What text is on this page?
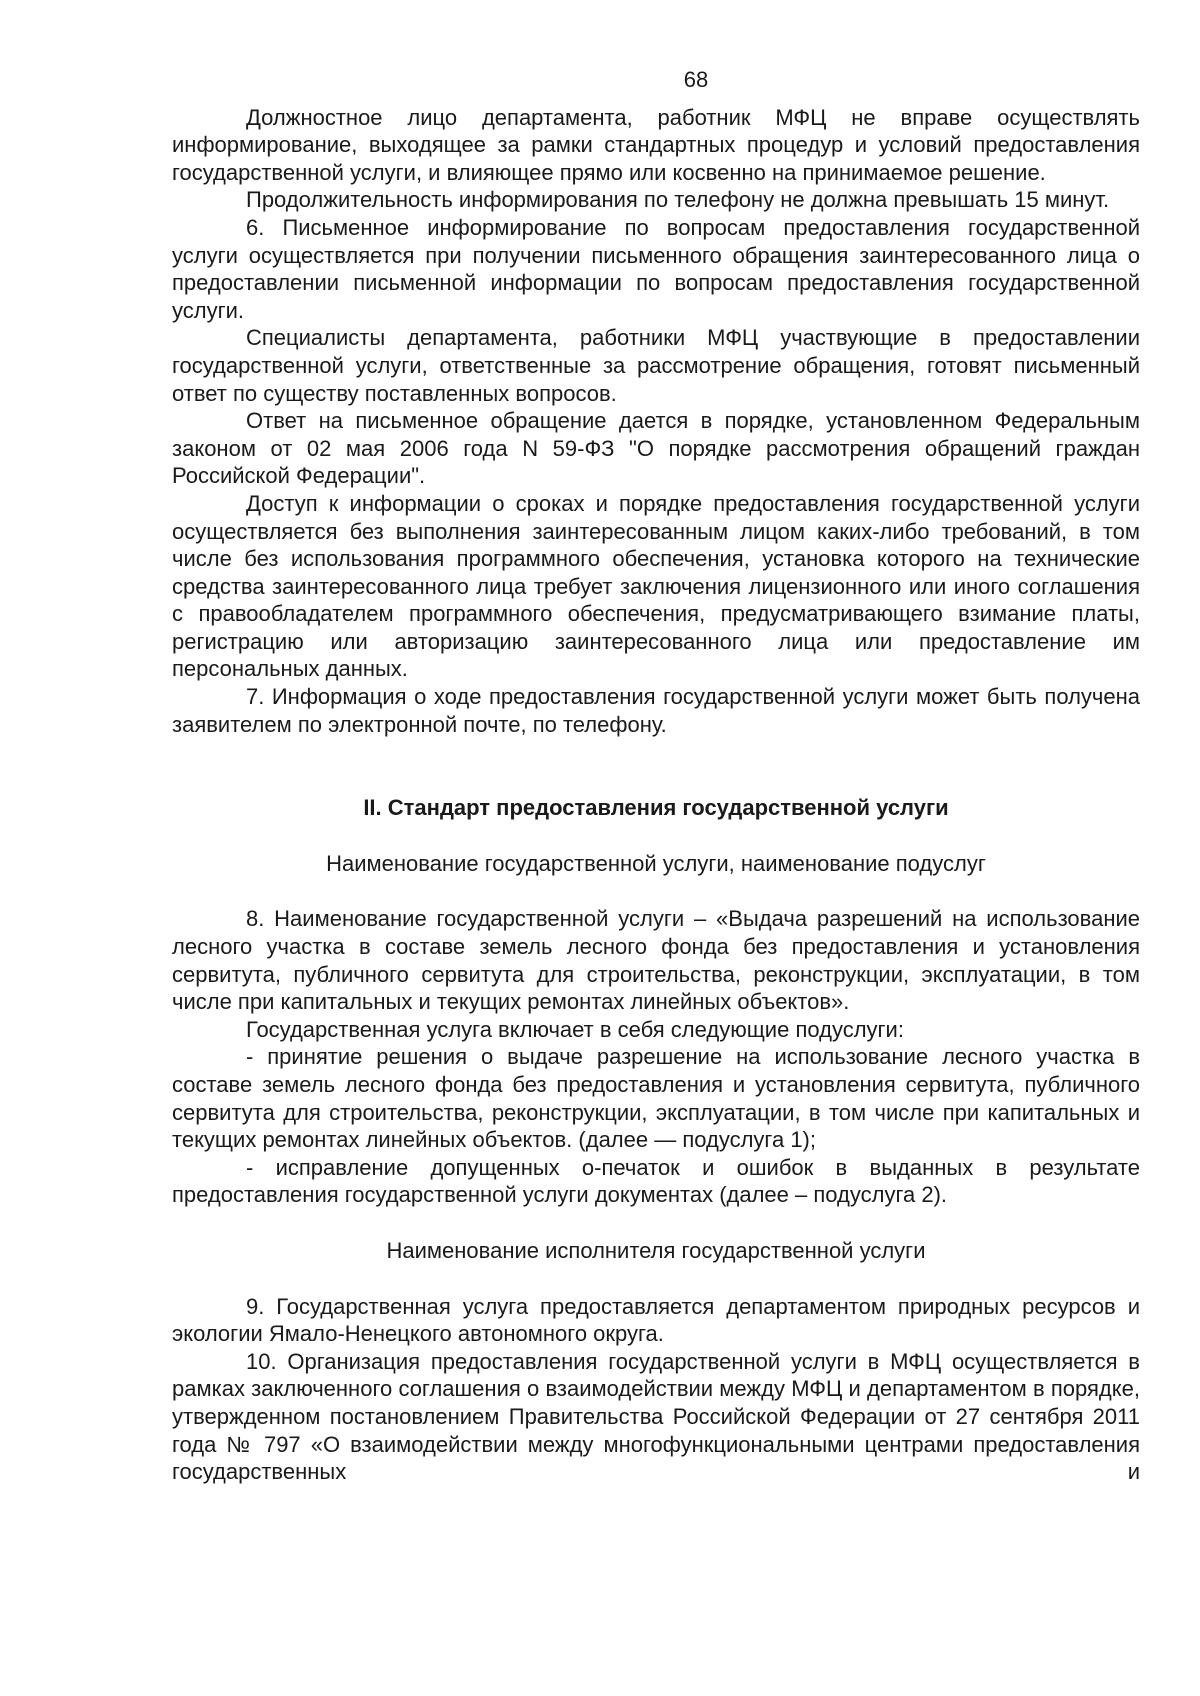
68

Должностное лицо департамента, работник МФЦ не вправе осуществлять информирование, выходящее за рамки стандартных процедур и условий предоставления государственной услуги, и влияющее прямо или косвенно на принимаемое решение.

Продолжительность информирования по телефону не должна превышать 15 минут.

6. Письменное информирование по вопросам предоставления государственной услуги осуществляется при получении письменного обращения заинтересованного лица о предоставлении письменной информации по вопросам предоставления государственной услуги.

Специалисты департамента, работники МФЦ участвующие в предоставлении государственной услуги, ответственные за рассмотрение обращения, готовят письменный ответ по существу поставленных вопросов.

Ответ на письменное обращение дается в порядке, установленном Федеральным законом от 02 мая 2006 года N 59-ФЗ "О порядке рассмотрения обращений граждан Российской Федерации".

Доступ к информации о сроках и порядке предоставления государственной услуги осуществляется без выполнения заинтересованным лицом каких-либо требований, в том числе без использования программного обеспечения, установка которого на технические средства заинтересованного лица требует заключения лицензионного или иного соглашения с правообладателем программного обеспечения, предусматривающего взимание платы, регистрацию или авторизацию заинтересованного лица или предоставление им персональных данных.

7. Информация о ходе предоставления государственной услуги может быть получена заявителем по электронной почте, по телефону.

II. Стандарт предоставления государственной услуги
Наименование государственной услуги, наименование подуслуг

8. Наименование государственной услуги – «Выдача разрешений на использование лесного участка в составе земель лесного фонда без предоставления и установления сервитута, публичного сервитута для строительства, реконструкции, эксплуатации, в том числе при капитальных и текущих ремонтах линейных объектов».

Государственная услуга включает в себя следующие подуслуги:

- принятие решения о выдаче разрешение на использование лесного участка в составе земель лесного фонда без предоставления и установления сервитута, публичного сервитута для строительства, реконструкции, эксплуатации, в том числе при капитальных и текущих ремонтах линейных объектов. (далее — подуслуга 1);

- исправление допущенных о-печаток и ошибок в выданных в результате предоставления государственной услуги документах (далее – подуслуга 2).

Наименование исполнителя государственной услуги

9. Государственная услуга предоставляется департаментом природных ресурсов и экологии Ямало-Ненецкого автономного округа.

10. Организация предоставления государственной услуги в МФЦ осуществляется в рамках заключенного соглашения о взаимодействии между МФЦ и департаментом в порядке, утвержденном постановлением Правительства Российской Федерации от 27 сентября 2011 года № 797 «О взаимодействии между многофункциональными центрами предоставления государственных и
